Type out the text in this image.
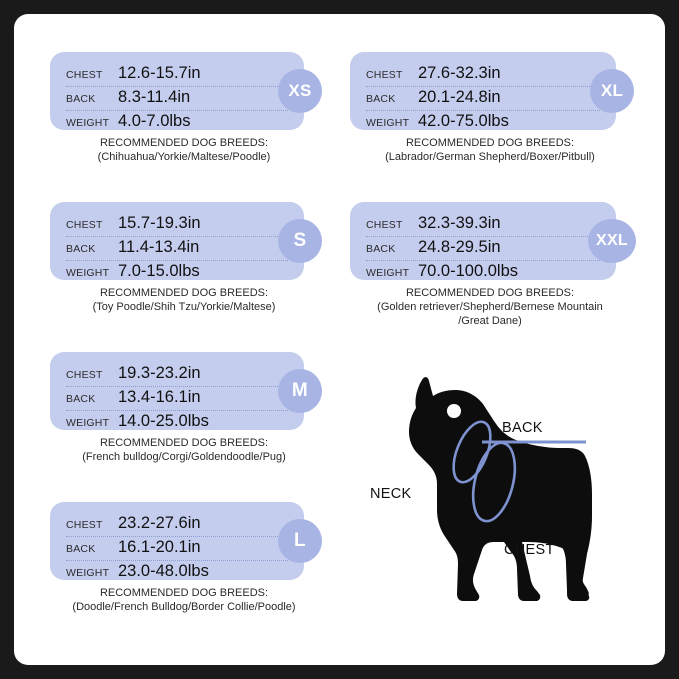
CHEST 12.6-15.7in
BACK	8.3-11.4in
WEIGHT 4.0-7.0lbs
XS
RECOMMENDED DOG BREEDS:
(Chihuahua/Yorkie/Maltese/Poodle)
CHEST 15.7-19.3in
BACK	11.4-13.4in
WEIGHT 7.0-15.0lbs
S
RECOMMENDED DOG BREEDS:
(Toy Poodle/Shih Tzu/Yorkie/Maltese)
CHEST 19.3-23.2in
BACK	13.4-16.1in
WEIGHT 14.0-25.0lbs
M
RECOMMENDED DOG BREEDS:
(French bulldog/Corgi/Goldendoodle/Pug)
CHEST 23.2-27.6in
BACK	16.1-20.1in
WEIGHT 23.0-48.0lbs
L
RECOMMENDED DOG BREEDS:
(Doodle/French Bulldog/Border Collie/Poodle)
CHEST 27.6-32.3in
BACK	20.1-24.8in
WEIGHT 42.0-75.0lbs
XL
RECOMMENDED DOG BREEDS:
(Labrador/German Shepherd/Boxer/Pitbull)
CHEST 32.3-39.3in
BACK	24.8-29.5in
WEIGHT 70.0-100.0lbs
XXL
RECOMMENDED DOG BREEDS:
(Golden retriever/Shepherd/Bernese Mountain
/Great Dane)
BACK
NECK
CHEST
